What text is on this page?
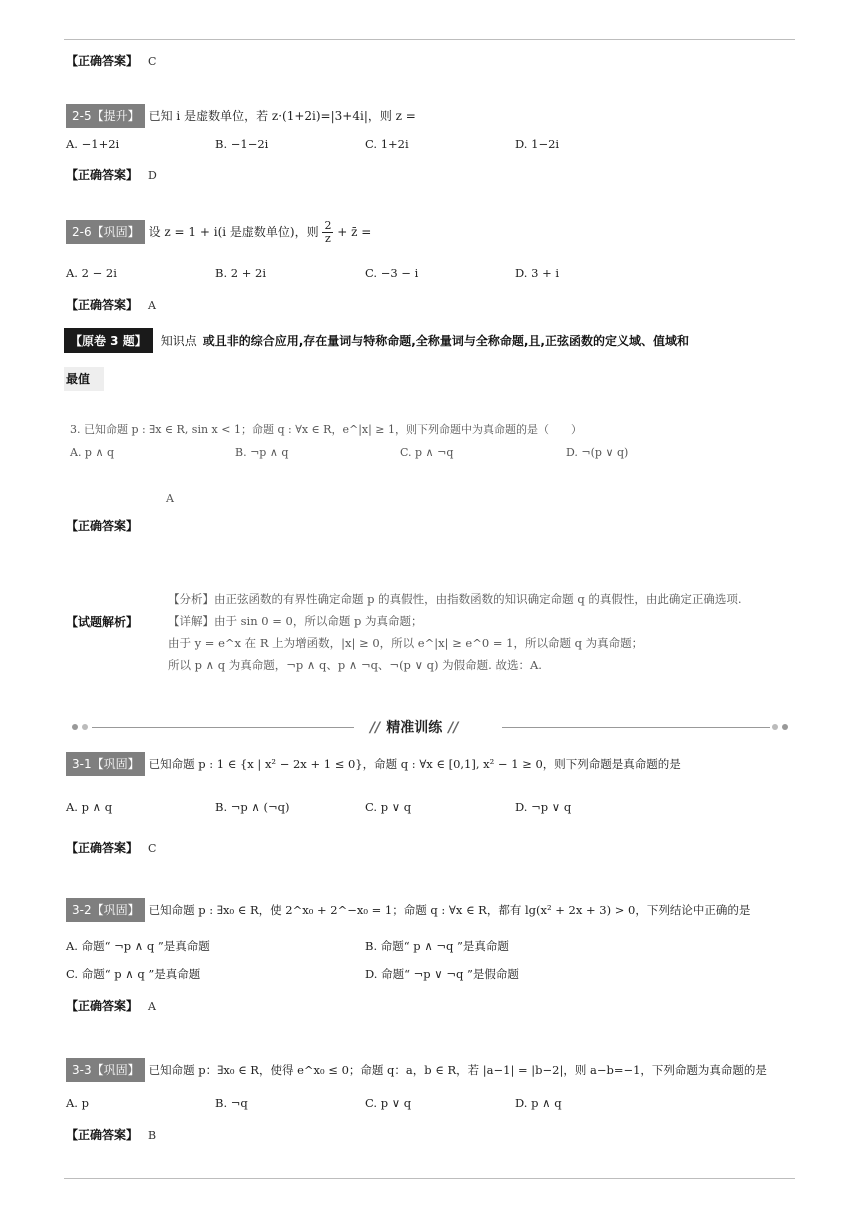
【正确答案】 C
2-5【提升】 已知 i 是虚数单位，若 z·(1+2i)=|3+4i|，则 z =
A. −1+2i	B. −1−2i	C. 1+2i	D. 1−2i
【正确答案】 D
2-6【巩固】 设 z = 1 + i(i 是虚数单位)，则 $\frac{2}{z}$ + z̄ =
A. 2 − 2i	B. 2 + 2i	C. −3 − i	D. 3 + i
【正确答案】 A
【原卷 3 题】 知识点 或且非的综合应用,存在量词与特称命题,全称量词与全称命题,且,正弦函数的定义域、值域和
最值
3. 已知命题 p : ∃x ∈ R, sin x < 1；命题 q : ∀x ∈ R，e^|x| ≥ 1，则下列命题中为真命题的是（　　）
A. p ∧ q	B. ¬p ∧ q	C. p ∧ ¬q	D. ¬(p ∨ q)
A
【正确答案】
【试题解析】
【分析】由正弦函数的有界性确定命题 p 的真假性，由指数函数的知识确定命题 q 的真假性，由此确定正确选项.
【详解】由于 sin 0 = 0，所以命题 p 为真命题；
由于 y = e^x 在 R 上为增函数，|x| ≥ 0，所以 e^|x| ≥ e^0 = 1，所以命题 q 为真命题；
所以 p ∧ q 为真命题，¬p ∧ q、p ∧ ¬q、¬(p ∨ q) 为假命题. 故选：A.
// 精准训练 //
3-1【巩固】 已知命题 p : 1 ∈ {x | x² − 2x + 1 ≤ 0}，命题 q : ∀x ∈ [0,1], x² − 1 ≥ 0，则下列命题是真命题的是
A. p ∧ q	B. ¬p ∧ (¬q)	C. p ∨ q	D. ¬p ∨ q
【正确答案】 C
3-2【巩固】 已知命题 p : ∃x₀ ∈ R，使 2^x₀ + 2^−x₀ = 1；命题 q : ∀x ∈ R，都有 lg(x² + 2x + 3) > 0，下列结论中正确的是
A. 命题“ ¬p ∧ q ”是真命题	B. 命题“ p ∧ ¬q ”是真命题
C. 命题“ p ∧ q ”是真命题	D. 命题“ ¬p ∨ ¬q ”是假命题
【正确答案】 A
3-3【巩固】 已知命题 p：∃x₀ ∈ R，使得 e^x₀ ≤ 0；命题 q：a，b ∈ R，若 |a−1| = |b−2|，则 a−b=−1，下列命题为真命题的是
A. p	B. ¬q	C. p ∨ q	D. p ∧ q
【正确答案】 B
